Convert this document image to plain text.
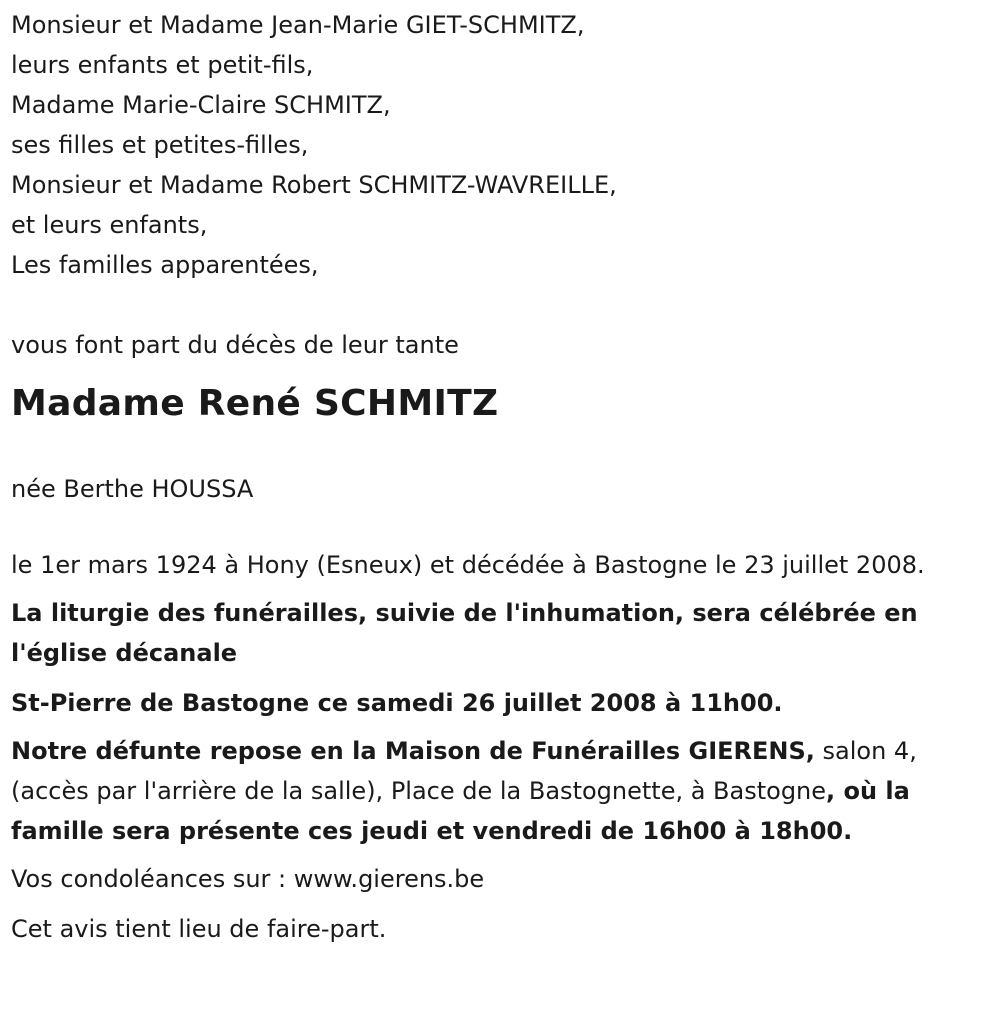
Monsieur et Madame Jean-Marie GIET-SCHMITZ,

leurs enfants et petit-fils,

Madame Marie-Claire SCHMITZ,

ses filles et petites-filles,

Monsieur et Madame Robert SCHMITZ-WAVREILLE,

et leurs enfants,

Les familles apparentées,

vous font part du décès de leur tante

Madame René SCHMITZ

née Berthe HOUSSA

le 1er mars 1924 à Hony (Esneux) et décédée à Bastogne le 23 juillet 2008.

La liturgie des funérailles, suivie de l'inhumation, sera célébrée en l'église décanale

St-Pierre de Bastogne ce samedi 26 juillet 2008 à 11h00.

Notre défunte repose en la Maison de Funérailles GIERENS, salon 4, (accès par l'arrière de la salle), Place de la Bastognette, à Bastogne, où la famille sera présente ces jeudi et vendredi de 16h00 à 18h00.

Vos condoléances sur : www.gierens.be

Cet avis tient lieu de faire-part.
